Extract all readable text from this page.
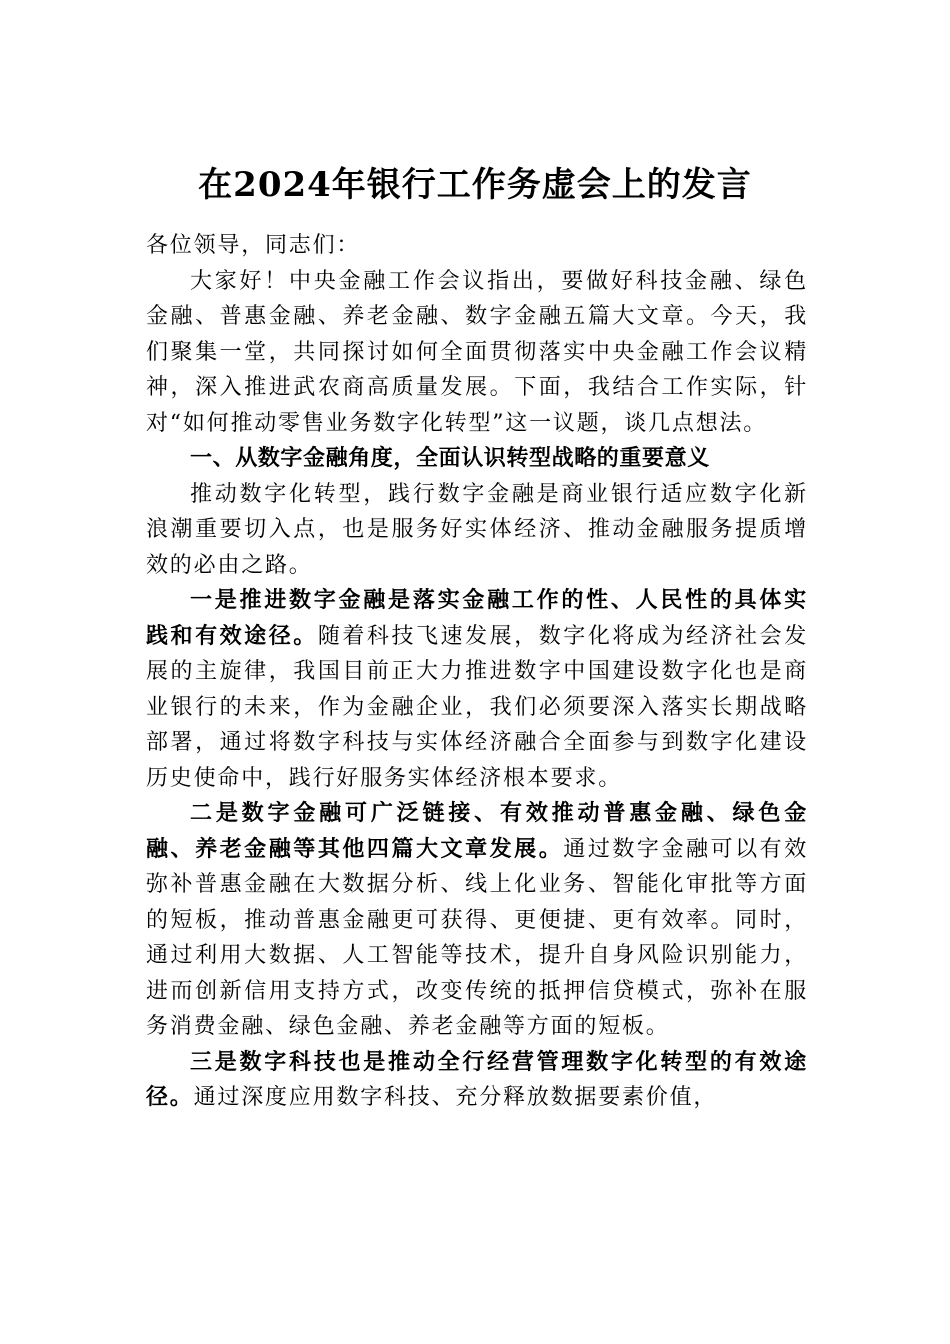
在2024年银行工作务虚会上的发言

各位领导，同志们：

大家好！中央金融工作会议指出，要做好科技金融、绿色金融、普惠金融、养老金融、数字金融五篇大文章。今天，我们聚集一堂，共同探讨如何全面贯彻落实中央金融工作会议精神，深入推进武农商高质量发展。下面，我结合工作实际，针对“如何推动零售业务数字化转型”这一议题，谈几点想法。

一、从数字金融角度，全面认识转型战略的重要意义

推动数字化转型，践行数字金融是商业银行适应数字化新浪潮重要切入点，也是服务好实体经济、推动金融服务提质增效的必由之路。

一是推进数字金融是落实金融工作的性、人民性的具体实践和有效途径。随着科技飞速发展，数字化将成为经济社会发展的主旋律，我国目前正大力推进数字中国建设数字化也是商业银行的未来，作为金融企业，我们必须要深入落实长期战略部署，通过将数字科技与实体经济融合全面参与到数字化建设历史使命中，践行好服务实体经济根本要求。

二是数字金融可广泛链接、有效推动普惠金融、绿色金融、养老金融等其他四篇大文章发展。通过数字金融可以有效弥补普惠金融在大数据分析、线上化业务、智能化审批等方面的短板，推动普惠金融更可获得、更便捷、更有效率。同时，通过利用大数据、人工智能等技术，提升自身风险识别能力，进而创新信用支持方式，改变传统的抵押信贷模式，弥补在服务消费金融、绿色金融、养老金融等方面的短板。

三是数字科技也是推动全行经营管理数字化转型的有效途径。通过深度应用数字科技、充分释放数据要素价值，
